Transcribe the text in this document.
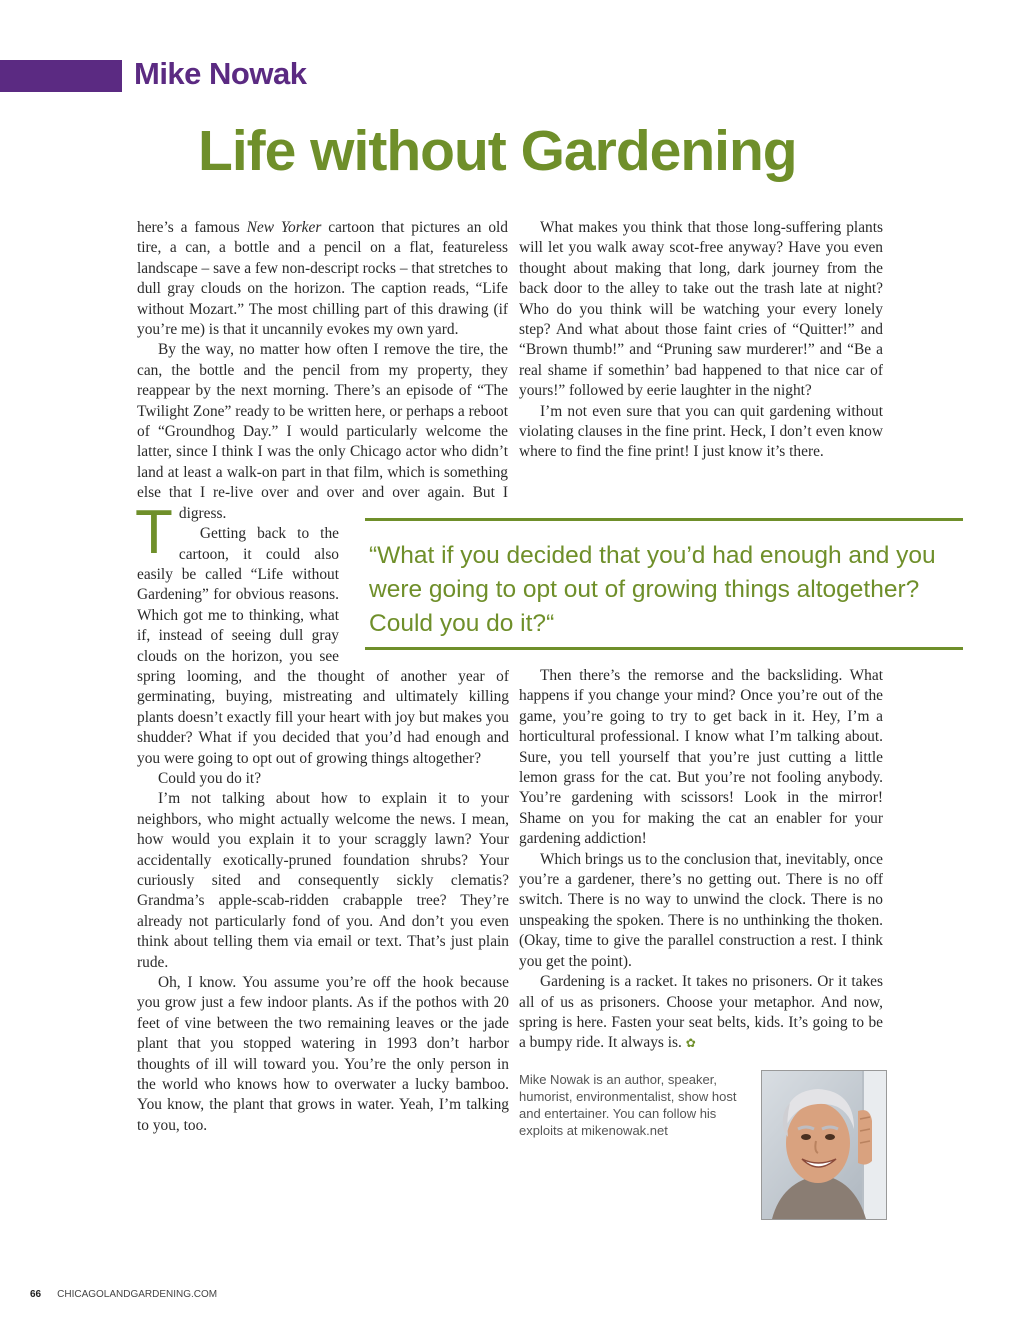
Mike Nowak
Life without Gardening

T
here’s a famous New Yorker cartoon that pictures an old tire, a can, a bottle and a pencil on a flat, featureless landscape – save a few non-descript rocks – that stretches to dull gray clouds on the horizon. The caption reads, “Life without Mozart.” The most chilling part of this drawing (if you’re me) is that it uncannily evokes my own yard.

By the way, no matter how often I remove the tire, the can, the bottle and the pencil from my property, they reappear by the next morning. There’s an episode of “The Twilight Zone” ready to be written here, or perhaps a reboot of “Groundhog Day.” I would particularly welcome the latter, since I think I was the only Chicago actor who didn’t land at least a walk-on part in that film, which is something else that I re-live over and over and over again. But I digress.

Getting back to the cartoon, it could also easily be called “Life without Gardening” for obvious reasons. Which got me to thinking, what if, instead of seeing dull gray clouds on the horizon, you see spring looming, and the thought of another year of germinating, buying, mistreating and ultimately killing plants doesn’t exactly fill your heart with joy but makes you shudder? What if you decided that you’d had enough and you were going to opt out of growing things altogether?

Could you do it?

I’m not talking about how to explain it to your neighbors, who might actually welcome the news. I mean, how would you explain it to your scraggly lawn? Your accidentally exotically-pruned foundation shrubs? Your curiously sited and consequently sickly clematis? Grandma’s apple-scab-ridden crabapple tree? They’re already not particularly fond of you. And don’t you even think about telling them via email or text. That’s just plain rude.

Oh, I know. You assume you’re off the hook because you grow just a few indoor plants. As if the pothos with 20 feet of vine between the two remaining leaves or the jade plant that you stopped watering in 1993 don’t harbor thoughts of ill will toward you. You’re the only person in the world who knows how to overwater a lucky bamboo. You know, the plant that grows in water. Yeah, I’m talking to you, too.

What makes you think that those long-suffering plants will let you walk away scot-free anyway? Have you even thought about making that long, dark journey from the back door to the alley to take out the trash late at night? Who do you think will be watching your every lonely step? And what about those faint cries of “Quitter!” and “Brown thumb!” and “Pruning saw murderer!” and “Be a real shame if somethin’ bad happened to that nice car of yours!” followed by eerie laughter in the night?

I’m not even sure that you can quit gardening without violating clauses in the fine print. Heck, I don’t even know where to find the fine print! I just know it’s there.

“What if you decided that you’d had enough and you were going to opt out of growing things altogether? Could you do it?“

Then there’s the remorse and the backsliding. What happens if you change your mind? Once you’re out of the game, you’re going to try to get back in it. Hey, I’m a horticultural professional. I know what I’m talking about. Sure, you tell yourself that you’re just cutting a little lemon grass for the cat. But you’re not fooling anybody. You’re gardening with scissors! Look in the mirror! Shame on you for making the cat an enabler for your gardening addiction!

Which brings us to the conclusion that, inevitably, once you’re a gardener, there’s no getting out. There is no off switch. There is no way to unwind the clock. There is no unspeaking the spoken. There is no unthinking the thoken. (Okay, time to give the parallel construction a rest. I think you get the point).

Gardening is a racket. It takes no prisoners. Or it takes all of us as prisoners. Choose your metaphor. And now, spring is here. Fasten your seat belts, kids. It’s going to be a bumpy ride. It always is. ✿

Mike Nowak is an author, speaker, humorist, environmentalist, show host and entertainer. You can follow his exploits at mikenowak.net
66 CHICAGOLANDGARDENING.COM
